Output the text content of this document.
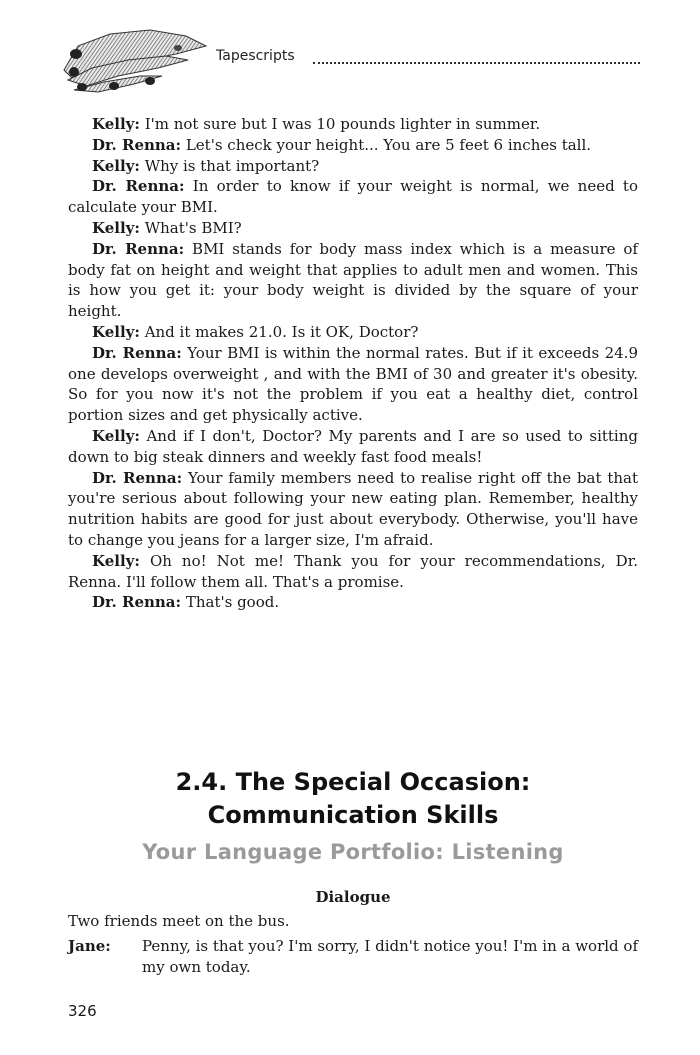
Tapescripts

Kelly: I'm not sure but I was 10 pounds lighter in summer.

Dr. Renna: Let's check your height... You are 5 feet 6 inches tall.

Kelly: Why is that important?

Dr. Renna: In order to know if your weight is normal, we need to calculate your BMI.

Kelly: What's BMI?

Dr. Renna: BMI stands for body mass index which is a measure of body fat on height and weight that applies to adult men and women. This is how you get it: your body weight is divided by the square of your height.

Kelly: And it makes 21.0. Is it OK, Doctor?

Dr. Renna: Your BMI is within the normal rates. But if it exceeds 24.9 one develops overweight , and with the BMI of 30 and greater it's obesity. So for you now it's not the problem if you eat a healthy diet, control portion sizes and get physically active.

Kelly: And if I don't, Doctor? My parents and I are so used to sitting down to big steak dinners and weekly fast food meals!

Dr. Renna: Your family members need to realise right off the bat that you're serious about following your new eating plan. Remember, healthy nutrition habits are good for just about everybody. Otherwise, you'll have to change you jeans for a larger size, I'm afraid.

Kelly: Oh no! Not me! Thank you for your recommendations, Dr. Renna. I'll follow them all. That's a promise.

Dr. Renna: That's good.

2.4. The Special Occasion:
Communication Skills
Your Language Portfolio: Listening
Dialogue
Two friends meet on the bus.
Jane: Penny, is that you? I'm sorry, I didn't notice you! I'm in a world of my own today.
326
